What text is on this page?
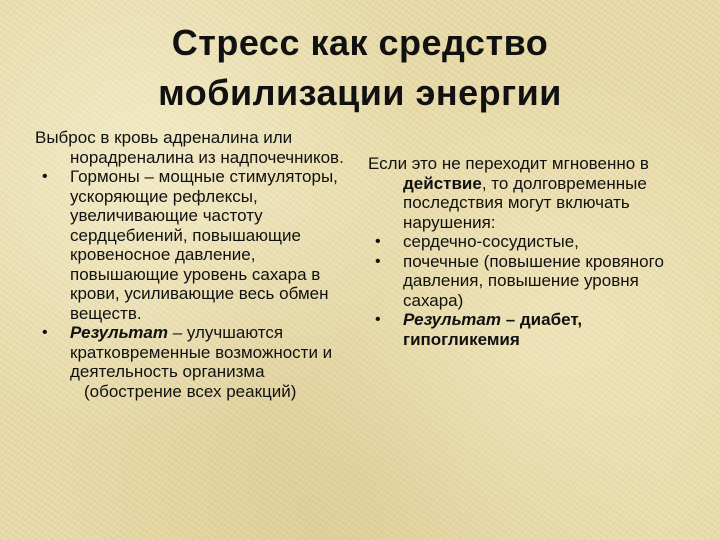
Стресс как средство
мобилизации энергии
Выброс в кровь адреналина или норадреналина из надпочечников.
• Гормоны – мощные стимуляторы, ускоряющие рефлексы, увеличивающие частоту сердцебиений, повышающие кровеносное давление, повышающие уровень сахара в крови, усиливающие весь обмен веществ.
• Результат – улучшаются кратковременные возможности и деятельность организма
(обострение всех реакций)
Если это не переходит мгновенно в действие, то долговременные последствия могут включать нарушения:
• сердечно-сосудистые,
• почечные (повышение кровяного давления, повышение уровня сахара)
• Результат – диабет, гипогликемия
